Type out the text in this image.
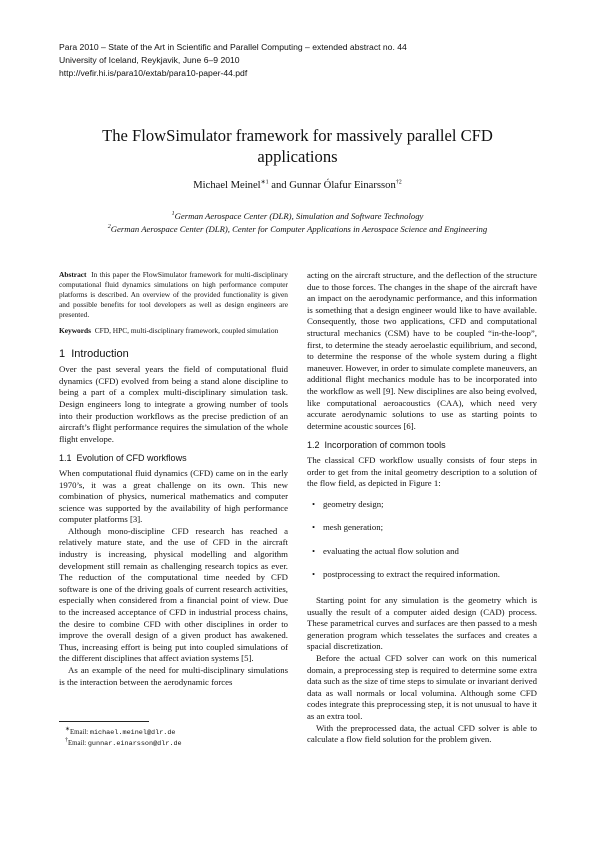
Para 2010 – State of the Art in Scientific and Parallel Computing – extended abstract no. 44
University of Iceland, Reykjavik, June 6–9 2010
http://vefir.hi.is/para10/extab/para10-paper-44.pdf
The FlowSimulator framework for massively parallel CFD
applications
Michael Meinel$^{∗1}$ and Gunnar Ólafur Einarsson$^{\dagger 2}$
$^1$German Aerospace Center (DLR), Simulation and Software Technology
$^2$German Aerospace Center (DLR), Center for Computer Applications in Aerospace Science and Engineering

Abstract In this paper the FlowSimulator framework for multi-disciplinary computational fluid dynamics simulations on high performance computer platforms is described. An overview of the provided functionality is given and possible benefits for tool developers as well as design engineers are presented.

Keywords CFD, HPC, multi-disciplinary framework, coupled simulation

1 Introduction

Over the past several years the field of computational fluid dynamics (CFD) evolved from being a stand alone discipline to being a part of a complex multi-disciplinary simulation task. Design engineers long to integrate a growing number of tools into their production workflows as the precise prediction of an aircraft’s flight performance requires the simulation of the whole flight envelope.

1.1 Evolution of CFD workflows

When computational fluid dynamics (CFD) came on in the early 1970’s, it was a great challenge on its own. This new combination of physics, numerical mathematics and computer science was supported by the availability of high performance computer platforms [3].

Although mono-discipline CFD research has reached a relatively mature state, and the use of CFD in the aircraft industry is increasing, physical modelling and algorithm development still remain as challenging research topics as ever. The reduction of the computational time needed by CFD software is one of the driving goals of current research activities, especially when considered from a financial point of view. Due to the increased acceptance of CFD in industrial process chains, the desire to combine CFD with other disciplines in order to improve the overall design of a given product has awakened. Thus, increasing effort is being put into coupled simulations of the different disciplines that affect aviation systems [5].

As an example of the need for multi-disciplinary simulations is the interaction between the aerodynamic forces

∗Email: michael.meinel@dlr.de
†Email: gunnar.einarsson@dlr.de

acting on the aircraft structure, and the deflection of the structure due to those forces. The changes in the shape of the aircraft have an impact on the aerodynamic performance, and this information is something that a design engineer would like to have available. Consequently, those two applications, CFD and computational structural mechanics (CSM) have to be coupled “in-the-loop”, first, to determine the steady aeroelastic equilibrium, and second, to determine the response of the whole system during a flight maneuver. However, in order to simulate complete maneuvers, an additional flight mechanics module has to be incorporated into the workflow as well [9]. New disciplines are also being evolved, like computational aeroacoustics (CAA), which need very accurate aerodynamic solutions to use as starting points to determine acoustic sources [6].

1.2 Incorporation of common tools

The classical CFD workflow usually consists of four steps in order to get from the inital geometry description to a solution of the flow field, as depicted in Figure 1:

• geometry design;
• mesh generation;
• evaluating the actual flow solution and
• postprocessing to extract the required information.

Starting point for any simulation is the geometry which is usually the result of a computer aided design (CAD) process. These parametrical curves and surfaces are then passed to a mesh generation program which tesselates the surfaces and creates a spacial discretization.

Before the actual CFD solver can work on this numerical domain, a preprocessing step is required to determine some extra data such as the size of time steps to simulate or invariant derived data as wall normals or local volumina. Although some CFD codes integrate this preprocessing step, it is not unusual to have it as an extra tool.

With the preprocessed data, the actual CFD solver is able to calculate a flow field solution for the problem given.
